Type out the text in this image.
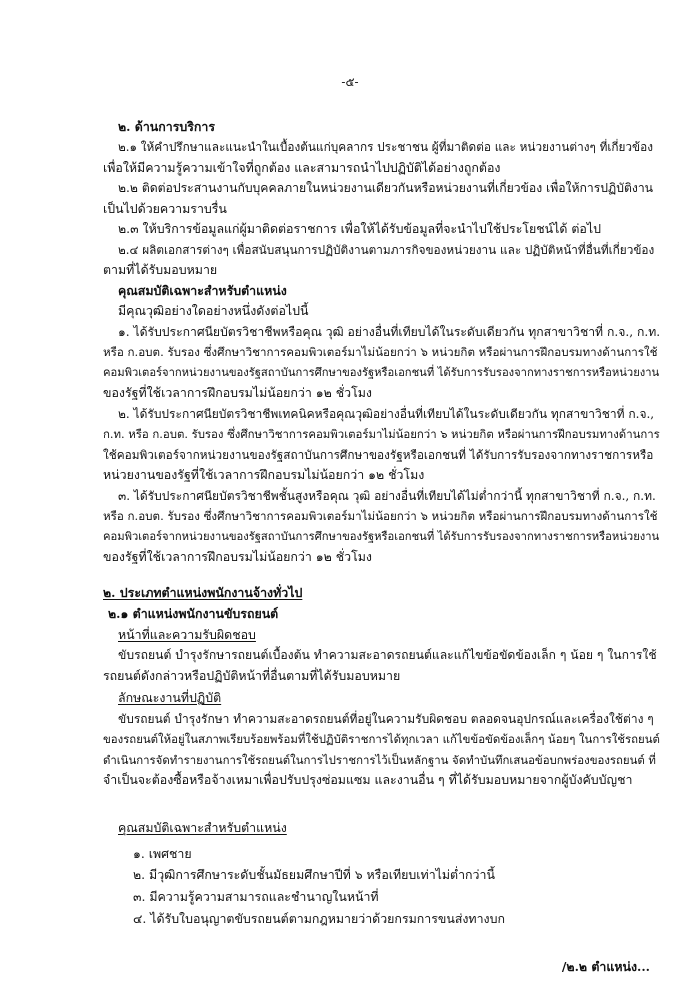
-๕-
๒. ด้านการบริการ
๒.๑ ให้คำปรึกษาและแนะนำในเบื้องต้นแก่บุคลากร ประชาชน ผู้ที่มาติดต่อ และ หน่วยงานต่างๆ ที่เกี่ยวข้อง
เพื่อให้มีความรู้ความเข้าใจที่ถูกต้อง และสามารถนำไปปฏิบัติได้อย่างถูกต้อง
๒.๒ ติดต่อประสานงานกับบุคคลภายในหน่วยงานเดียวกันหรือหน่วยงานที่เกี่ยวข้อง เพื่อให้การปฏิบัติงาน
เป็นไปด้วยความราบรื่น
๒.๓ ให้บริการข้อมูลแก่ผู้มาติดต่อราชการ เพื่อให้ได้รับข้อมูลที่จะนำไปใช้ประโยชน์ได้ ต่อไป
๒.๔ ผลิตเอกสารต่างๆ เพื่อสนับสนุนการปฏิบัติงานตามภารกิจของหน่วยงาน และ ปฏิบัติหน้าที่อื่นที่เกี่ยวข้อง
ตามที่ได้รับมอบหมาย
คุณสมบัติเฉพาะสำหรับตำแหน่ง
มีคุณวุฒิอย่างใดอย่างหนึ่งดังต่อไปนี้
๑. ได้รับประกาศนียบัตรวิชาชีพหรือคุณ วุฒิ อย่างอื่นที่เทียบได้ในระดับเดียวกัน ทุกสาขาวิชาที่ ก.จ., ก.ท.
หรือ ก.อบต. รับรอง ซึ่งศึกษาวิชาการคอมพิวเตอร์มาไม่น้อยกว่า ๖ หน่วยกิต หรือผ่านการฝึกอบรมทางด้านการใช้
คอมพิวเตอร์จากหน่วยงานของรัฐสถาบันการศึกษาของรัฐหรือเอกชนที่ ได้รับการรับรองจากทางราชการหรือหน่วยงาน
ของรัฐที่ใช้เวลาการฝึกอบรมไม่น้อยกว่า ๑๒ ชั่วโมง
๒. ได้รับประกาศนียบัตรวิชาชีพเทคนิคหรือคุณวุฒิอย่างอื่นที่เทียบได้ในระดับเดียวกัน ทุกสาขาวิชาที่ ก.จ.,
ก.ท. หรือ ก.อบต. รับรอง ซึ่งศึกษาวิชาการคอมพิวเตอร์มาไม่น้อยกว่า ๖ หน่วยกิต หรือผ่านการฝึกอบรมทางด้านการ
ใช้คอมพิวเตอร์จากหน่วยงานของรัฐสถาบันการศึกษาของรัฐหรือเอกชนที่ ได้รับการรับรองจากทางราชการหรือ
หน่วยงานของรัฐที่ใช้เวลาการฝึกอบรมไม่น้อยกว่า ๑๒ ชั่วโมง
๓. ได้รับประกาศนียบัตรวิชาชีพชั้นสูงหรือคุณ วุฒิ อย่างอื่นที่เทียบได้ไม่ต่ำกว่านี้ ทุกสาขาวิชาที่ ก.จ., ก.ท.
หรือ ก.อบต. รับรอง ซึ่งศึกษาวิชาการคอมพิวเตอร์มาไม่น้อยกว่า ๖ หน่วยกิต หรือผ่านการฝึกอบรมทางด้านการใช้
คอมพิวเตอร์จากหน่วยงานของรัฐสถาบันการศึกษาของรัฐหรือเอกชนที่ ได้รับการรับรองจากทางราชการหรือหน่วยงาน
ของรัฐที่ใช้เวลาการฝึกอบรมไม่น้อยกว่า ๑๒ ชั่วโมง
๒. ประเภทตำแหน่งพนักงานจ้างทั่วไป
๒.๑ ตำแหน่งพนักงานขับรถยนต์
หน้าที่และความรับผิดชอบ
ขับรถยนต์ บำรุงรักษารถยนต์เบื้องต้น ทำความสะอาดรถยนต์และแก้ไขข้อขัดข้องเล็ก ๆ น้อย ๆ ในการใช้
รถยนต์ดังกล่าวหรือปฏิบัติหน้าที่อื่นตามที่ได้รับมอบหมาย
ลักษณะงานที่ปฏิบัติ
ขับรถยนต์ บำรุงรักษา ทำความสะอาดรถยนต์ที่อยู่ในความรับผิดชอบ ตลอดจนอุปกรณ์และเครื่องใช้ต่าง ๆ
ของรถยนต์ให้อยู่ในสภาพเรียบร้อยพร้อมที่ใช้ปฏิบัติราชการได้ทุกเวลา แก้ไขข้อขัดข้องเล็กๆ น้อยๆ ในการใช้รถยนต์
ดำเนินการจัดทำรายงานการใช้รถยนต์ในการไปราชการไว้เป็นหลักฐาน จัดทำบันทึกเสนอข้อบกพร่องของรถยนต์ ที่
จำเป็นจะต้องซื้อหรือจ้างเหมาเพื่อปรับปรุงซ่อมแซม และงานอื่น ๆ ที่ได้รับมอบหมายจากผู้บังคับบัญชา
คุณสมบัติเฉพาะสำหรับตำแหน่ง
๑. เพศชาย
๒. มีวุฒิการศึกษาระดับชั้นมัธยมศึกษาปีที่ ๖ หรือเทียบเท่าไม่ต่ำกว่านี้
๓. มีความรู้ความสามารถและชำนาญในหน้าที่
๔. ได้รับใบอนุญาตขับรถยนต์ตามกฎหมายว่าด้วยกรมการขนส่งทางบก
/๒.๒ ตำแหน่ง...
